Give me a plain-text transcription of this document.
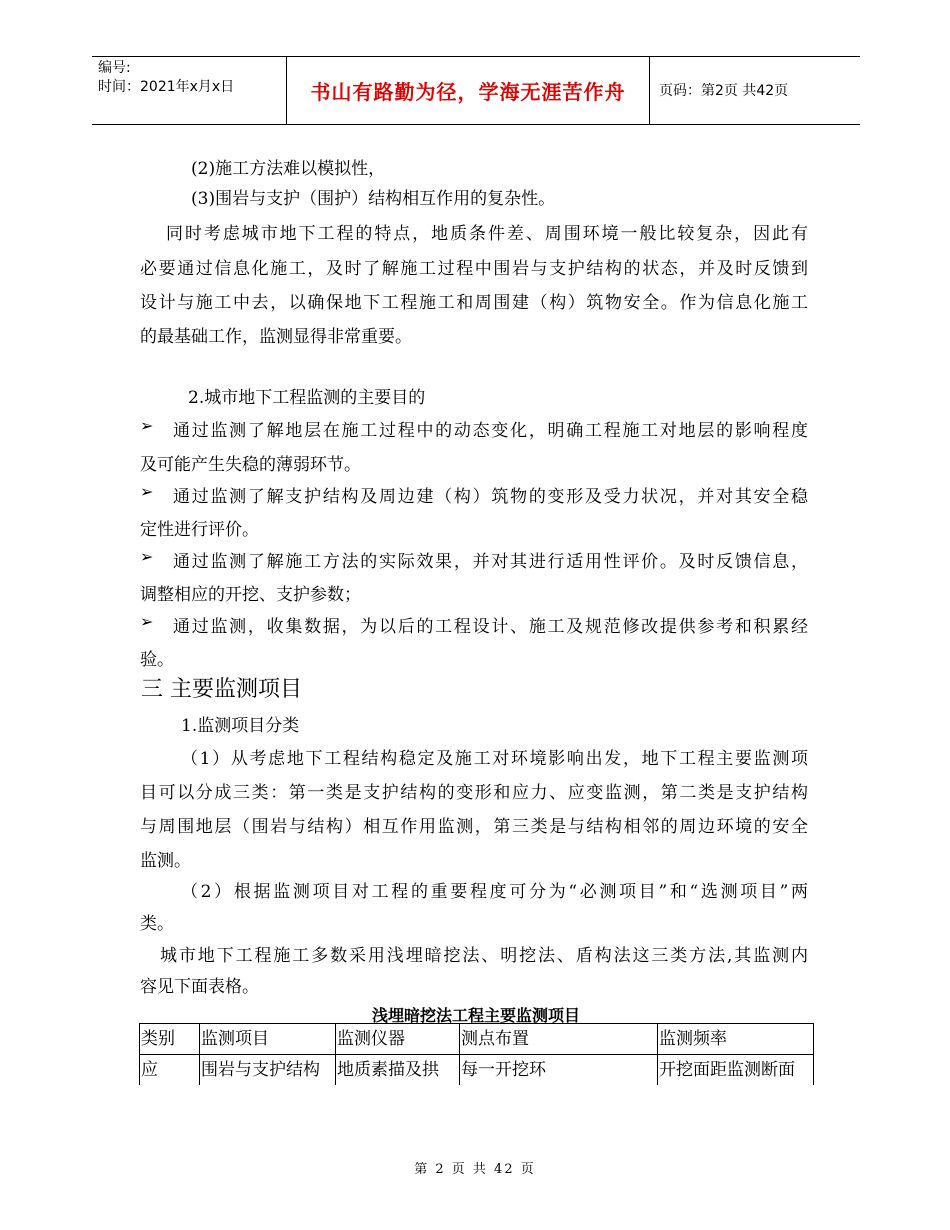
编号:
时间：2021年x月x日	书山有路勤为径，学海无涯苦作舟	页码：第2页 共42页
(2)施工方法难以模拟性，
(3)围岩与支护（围护）结构相互作用的复杂性。
同时考虑城市地下工程的特点，地质条件差、周围环境一般比较复杂，因此有
必要通过信息化施工，及时了解施工过程中围岩与支护结构的状态，并及时反馈到
设计与施工中去，以确保地下工程施工和周围建（构）筑物安全。作为信息化施工
的最基础工作，监测显得非常重要。
2.城市地下工程监测的主要目的
➢ 通过监测了解地层在施工过程中的动态变化，明确工程施工对地层的影响程度
及可能产生失稳的薄弱环节。
➢ 通过监测了解支护结构及周边建（构）筑物的变形及受力状况，并对其安全稳
定性进行评价。
➢ 通过监测了解施工方法的实际效果，并对其进行适用性评价。及时反馈信息，
调整相应的开挖、支护参数；
➢ 通过监测，收集数据，为以后的工程设计、施工及规范修改提供参考和积累经
验。
三 主要监测项目
1.监测项目分类
（1）从考虑地下工程结构稳定及施工对环境影响出发，地下工程主要监测项
目可以分成三类：第一类是支护结构的变形和应力、应变监测，第二类是支护结构
与周围地层（围岩与结构）相互作用监测，第三类是与结构相邻的周边环境的安全
监测。
（2）根据监测项目对工程的重要程度可分为“必测项目”和“选测项目”两
类。
城市地下工程施工多数采用浅埋暗挖法、明挖法、盾构法这三类方法,其监测内
容见下面表格。
浅埋暗挖法工程主要监测项目
类别	监测项目	监测仪器	测点布置	监测频率
应	围岩与支护结构	地质素描及拱	每一开挖环	开挖面距监测断面
第 2 页 共 42 页
